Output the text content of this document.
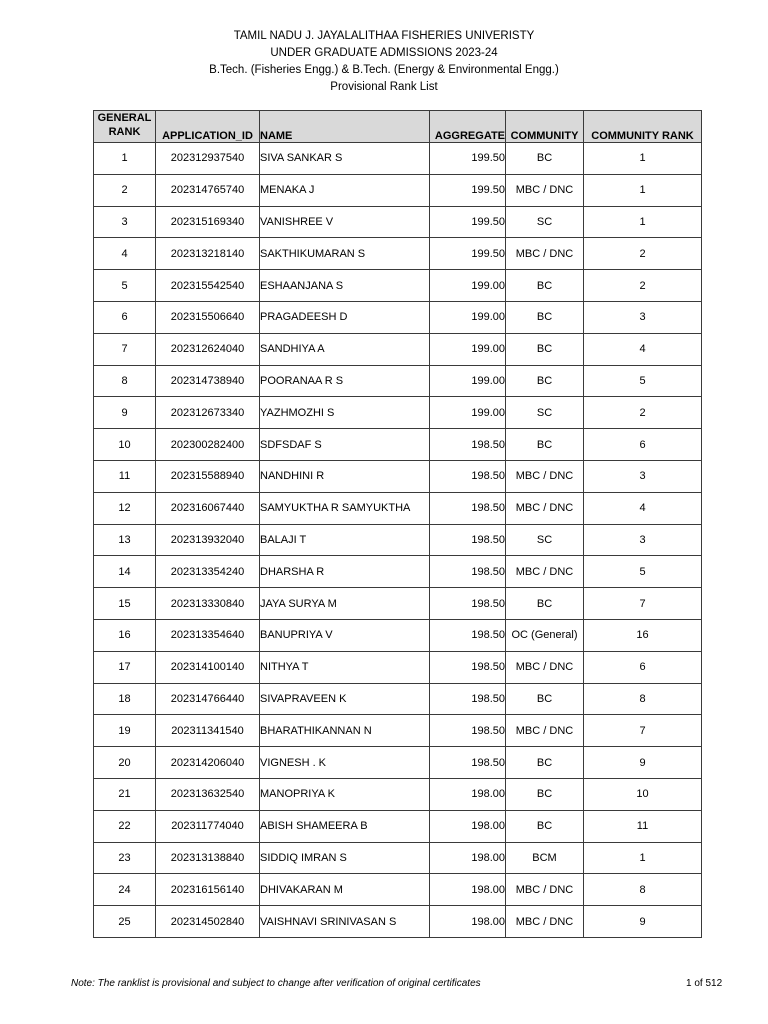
TAMIL NADU J. JAYALALITHAA FISHERIES UNIVERISTY
UNDER GRADUATE ADMISSIONS 2023-24
B.Tech. (Fisheries Engg.) & B.Tech. (Energy & Environmental Engg.)
Provisional Rank List
GENERAL RANK	APPLICATION_ID	NAME	AGGREGATE	COMMUNITY	COMMUNITY RANK
1	202312937540	SIVA SANKAR S	199.50	BC	1
2	202314765740	MENAKA J	199.50	MBC / DNC	1
3	202315169340	VANISHREE V	199.50	SC	1
4	202313218140	SAKTHIKUMARAN S	199.50	MBC / DNC	2
5	202315542540	ESHAANJANA S	199.00	BC	2
6	202315506640	PRAGADEESH D	199.00	BC	3
7	202312624040	SANDHIYA A	199.00	BC	4
8	202314738940	POORANAA R S	199.00	BC	5
9	202312673340	YAZHMOZHI S	199.00	SC	2
10	202300282400	SDFSDAF S	198.50	BC	6
11	202315588940	NANDHINI R	198.50	MBC / DNC	3
12	202316067440	SAMYUKTHA R SAMYUKTHA	198.50	MBC / DNC	4
13	202313932040	BALAJI T	198.50	SC	3
14	202313354240	DHARSHA R	198.50	MBC / DNC	5
15	202313330840	JAYA SURYA M	198.50	BC	7
16	202313354640	BANUPRIYA V	198.50	OC (General)	16
17	202314100140	NITHYA T	198.50	MBC / DNC	6
18	202314766440	SIVAPRAVEEN K	198.50	BC	8
19	202311341540	BHARATHIKANNAN N	198.50	MBC / DNC	7
20	202314206040	VIGNESH . K	198.50	BC	9
21	202313632540	MANOPRIYA K	198.00	BC	10
22	202311774040	ABISH SHAMEERA B	198.00	BC	11
23	202313138840	SIDDIQ IMRAN S	198.00	BCM	1
24	202316156140	DHIVAKARAN M	198.00	MBC / DNC	8
25	202314502840	VAISHNAVI SRINIVASAN S	198.00	MBC / DNC	9
Note: The ranklist is provisional and subject to change after verification of original certificates	1 of 512
